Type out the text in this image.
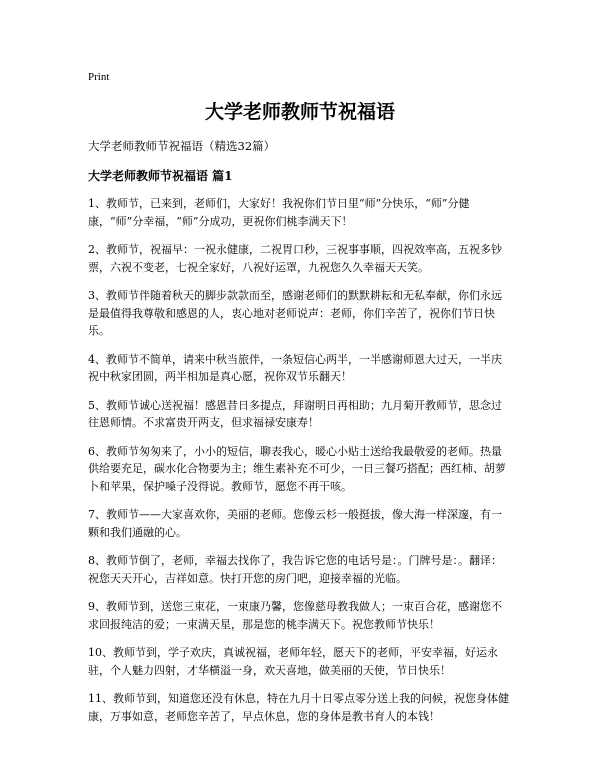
Print

大学老师教师节祝福语

大学老师教师节祝福语（精选32篇）

大学老师教师节祝福语 篇1

1、教师节，已来到，老师们，大家好！我祝你们节日里“师”分快乐，“师”分健康，“师”分幸福，“师”分成功，更祝你们桃李满天下！

2、教师节，祝福早：一祝永健康，二祝胃口秒，三祝事事顺，四祝效率高，五祝多钞票，六祝不变老，七祝全家好，八祝好运罩，九祝您久久幸福天天笑。

3、教师节伴随着秋天的脚步款款而至，感谢老师们的默默耕耘和无私奉献，你们永远是最值得我尊敬和感恩的人，衷心地对老师说声：老师，你们辛苦了，祝你们节日快乐。

4、教师节不简单，请来中秋当旅伴，一条短信心两半，一半感谢师恩大过天，一半庆祝中秋家团圆，两半相加是真心愿，祝你双节乐翻天！

5、教师节诚心送祝福！感恩昔日多提点，拜谢明日再相助；九月菊开教师节，思念过往恩师情。不求富贵开两支，但求福禄安康寿！

6、教师节匆匆来了，小小的短信，聊表我心，暖心小贴士送给我最敬爱的老师。热量供给要充足，碳水化合物要为主；维生素补充不可少，一日三餐巧搭配；西红柿、胡萝卜和苹果，保护嗓子没得说。教师节，愿您不再干咳。

7、教师节——大家喜欢你，美丽的老师。您像云杉一般挺拔，像大海一样深邃，有一颗和我们通融的心。

8、教师节倒了，老师，幸福去找你了，我告诉它您的电话号是：。门牌号是：。翻译：祝您天天开心，吉祥如意。快打开您的房门吧，迎接幸福的光临。

9、教师节到，送您三束花，一束康乃馨，您像慈母教我做人；一束百合花，感谢您不求回报纯洁的爱；一束满天星，那是您的桃李满天下。祝您教师节快乐！

10、教师节到，学子欢庆，真诚祝福，老师年轻，愿天下的老师，平安幸福，好运永驻，个人魅力四射，才华横溢一身，欢天喜地，做美丽的天使，节日快乐！

11、教师节到，知道您还没有休息，特在九月十日零点零分送上我的问候，祝您身体健康，万事如意，老师您辛苦了，早点休息，您的身体是教书育人的本钱！
